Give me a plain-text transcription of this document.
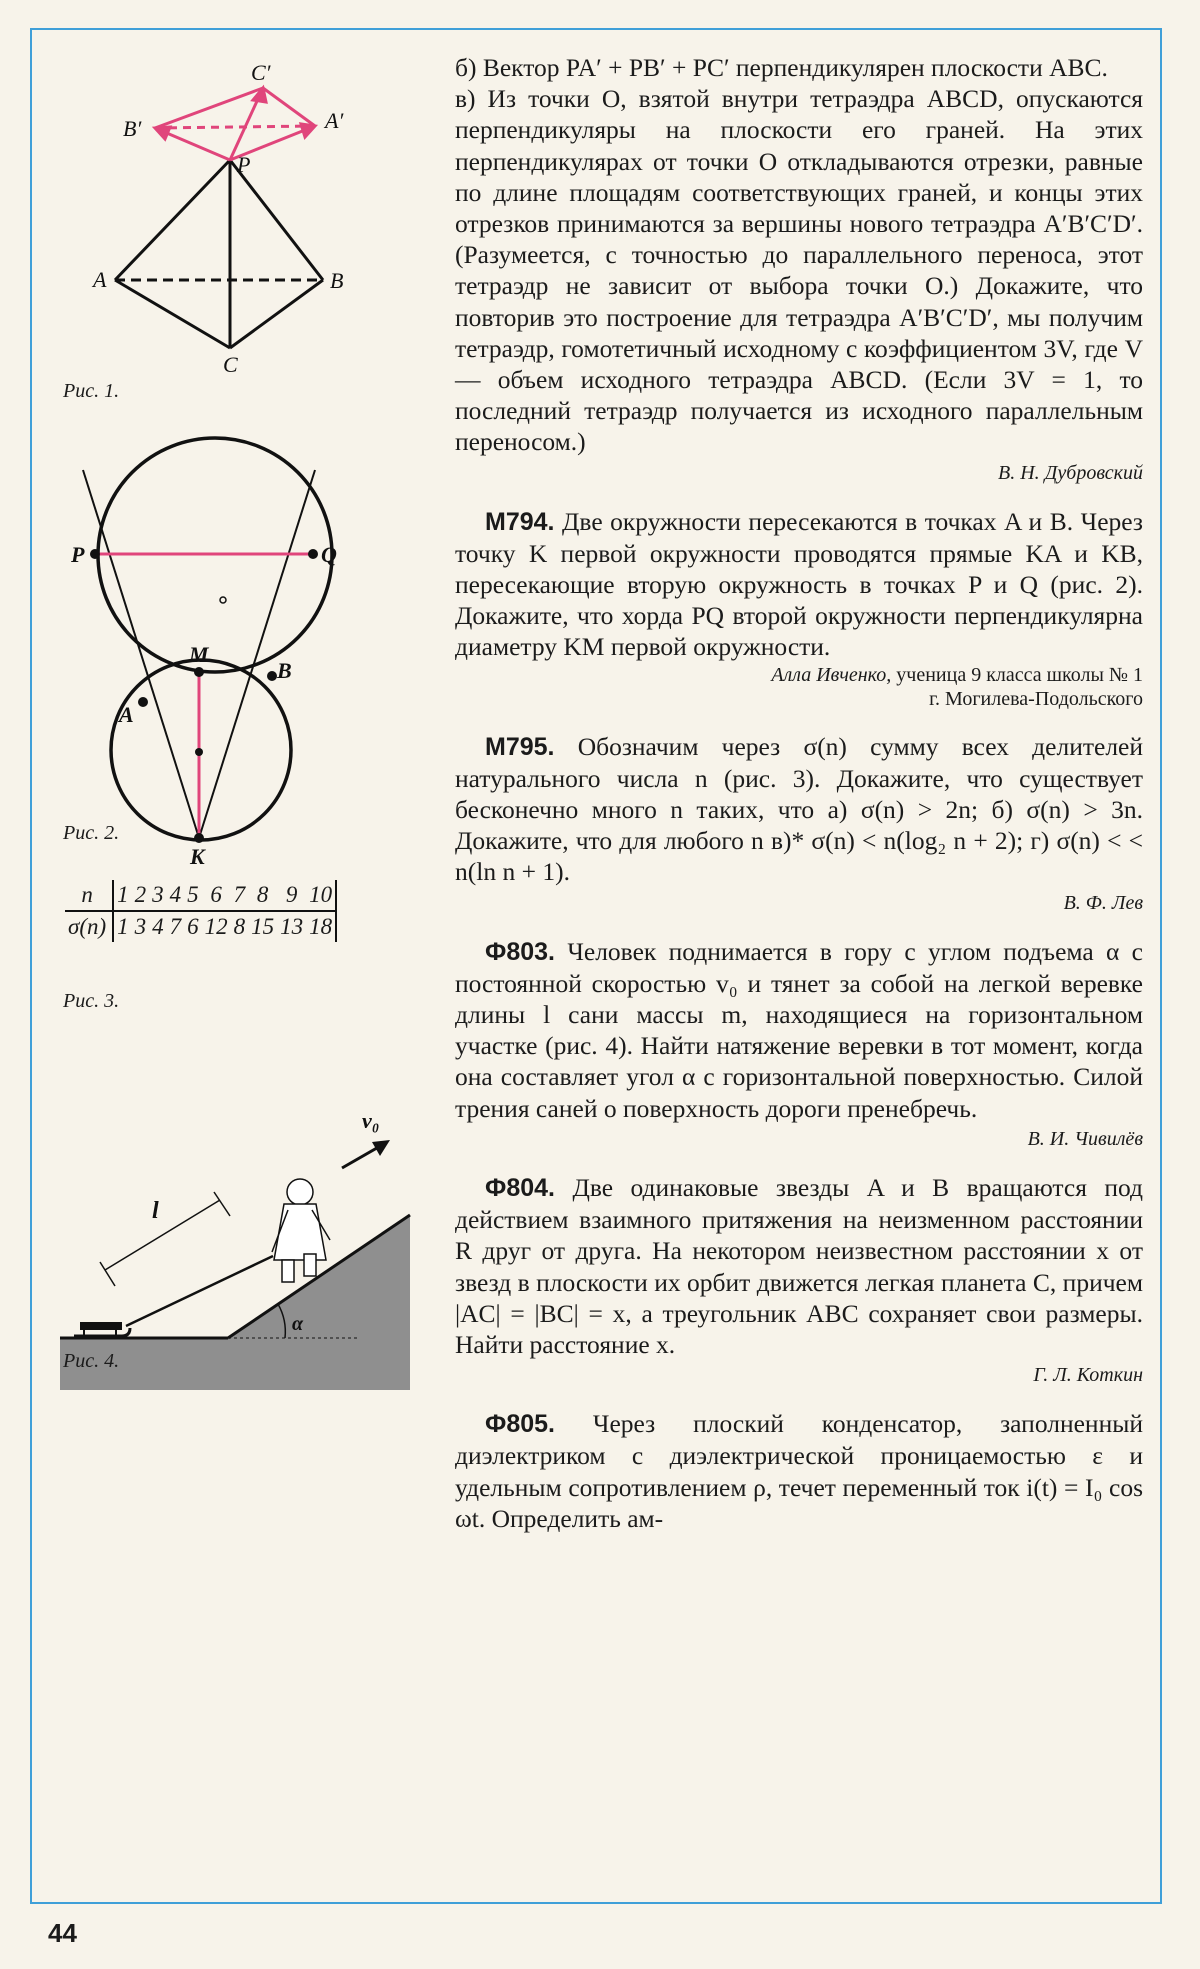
A	B
C
P
A′
B′
C′
Рис. 1.
P	Q
M
B
A
K
Рис. 2.
n	1	2	3	4	5	6	7	8	9	10
σ(n)	1	3	4	7	6	12	8	15	13	18
Рис. 3.
α
l
v₀
Рис. 4.

б) Вектор PA′ + PB′ + PC′ перпендикулярен плоскости ABC.

в) Из точки O, взятой внутри тетраэдра ABCD, опускаются перпендикуляры на плоскости его граней. На этих перпендикулярах от точки O откладываются отрезки, равные по длине площадям соответствующих граней, и концы этих отрезков принимаются за вершины нового тетраэдра A′B′C′D′. (Разумеется, с точностью до параллельного переноса, этот тетраэдр не зависит от выбора точки O.) Докажите, что повторив это построение для тетраэдра A′B′C′D′, мы получим тетраэдр, гомотетичный исходному с коэффициентом 3V, где V — объем исходного тетраэдра ABCD. (Если 3V = 1, то последний тетраэдр получается из исходного параллельным переносом.)

В. Н. Дубровский

М794. Две окружности пересекаются в точках A и B. Через точку K первой окружности проводятся прямые KA и KB, пересекающие вторую окружность в точках P и Q (рис. 2). Докажите, что хорда PQ второй окружности перпендикулярна диаметру KM первой окружности.

Алла Ивченко, ученица 9 класса школы № 1
г. Могилева-Подольского

М795. Обозначим через σ(n) сумму всех делителей натурального числа n (рис. 3). Докажите, что существует бесконечно много n таких, что а) σ(n) > 2n; б) σ(n) > 3n. Докажите, что для любого n в)* σ(n) < n(log₂ n + 2); г) σ(n) < < n(ln n + 1).

В. Ф. Лев

Ф803. Человек поднимается в гору с углом подъема α с постоянной скоростью v₀ и тянет за собой на легкой веревке длины l сани массы m, находящиеся на горизонтальном участке (рис. 4). Найти натяжение веревки в тот момент, когда она составляет угол α с горизонтальной поверхностью. Силой трения саней о поверхность дороги пренебречь.

В. И. Чивилёв

Ф804. Две одинаковые звезды A и B вращаются под действием взаимного притяжения на неизменном расстоянии R друг от друга. На некотором неизвестном расстоянии x от звезд в плоскости их орбит движется легкая планета C, причем |AC| = |BC| = x, а треугольник ABC сохраняет свои размеры. Найти расстояние x.

Г. Л. Коткин

Ф805. Через плоский конденсатор, заполненный диэлектриком с диэлектрической проницаемостью ε и удельным сопротивлением ρ, течет переменный ток i(t) = I₀ cos ωt. Определить ам-

44
